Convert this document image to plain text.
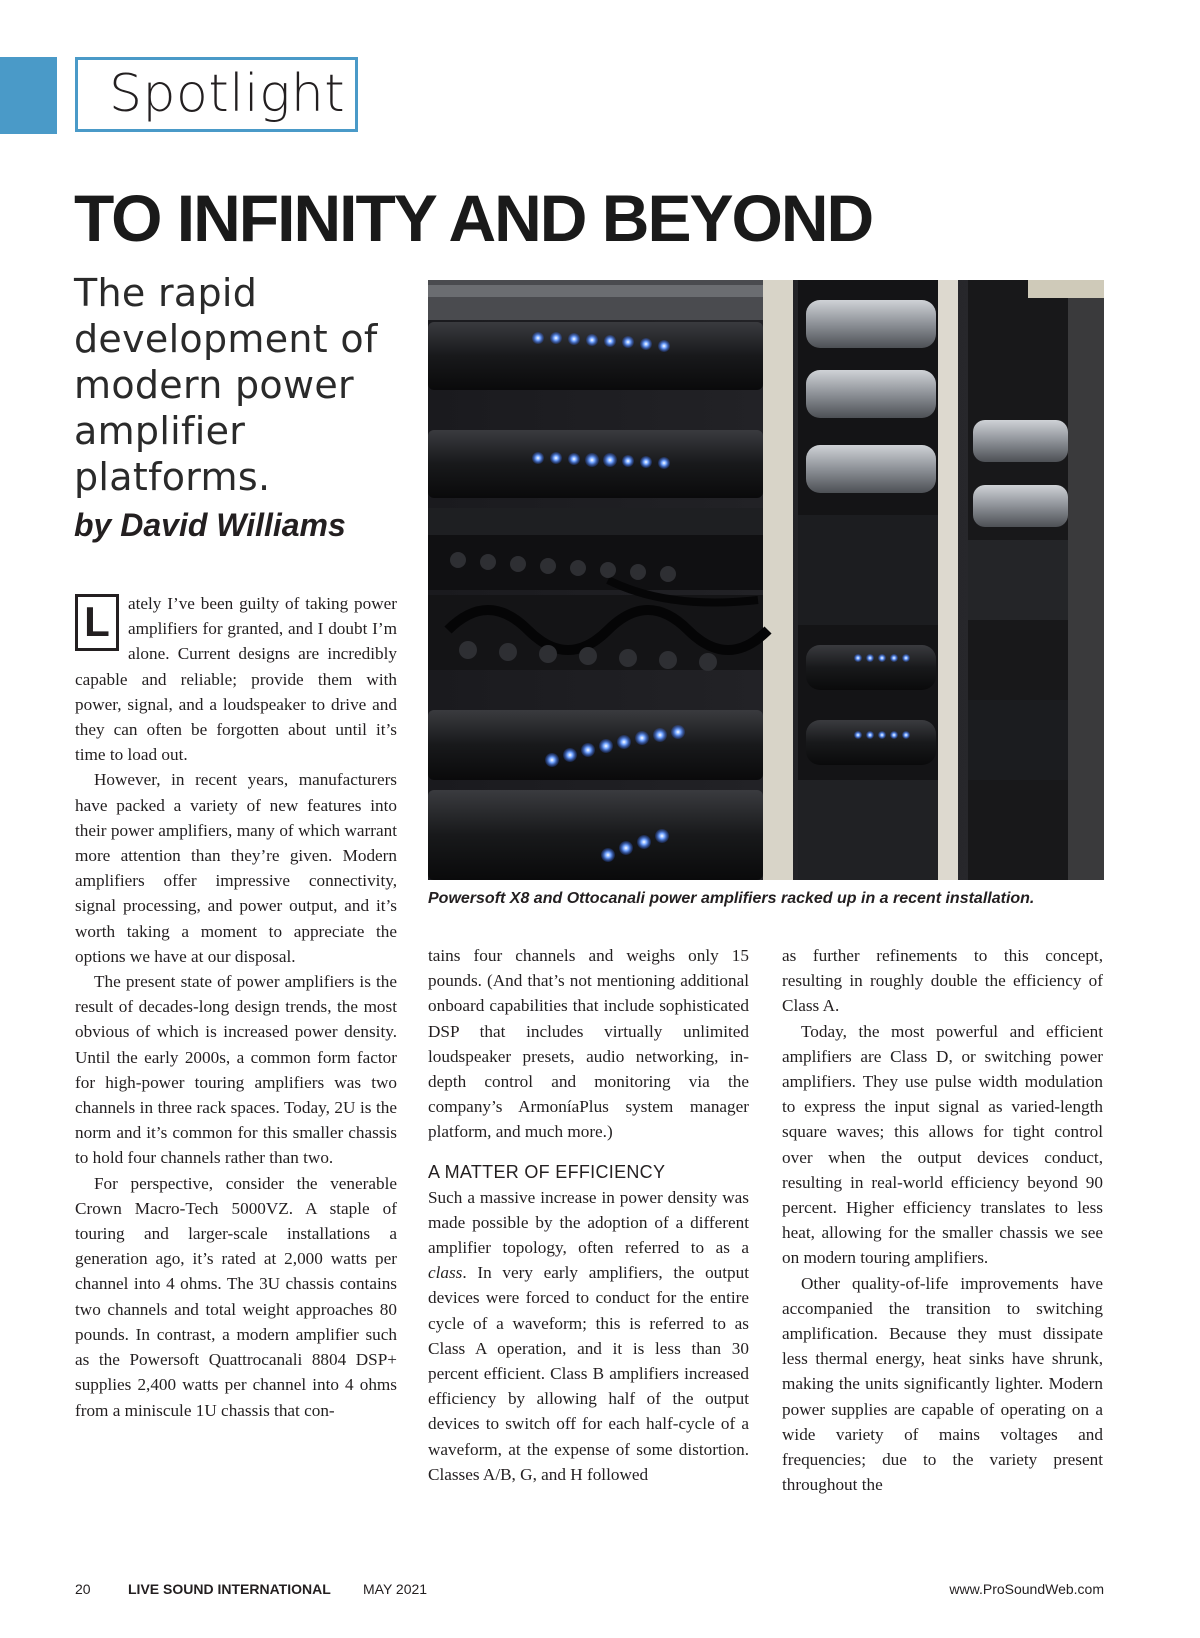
Spotlight
TO INFINITY AND BEYOND
The rapid development of modern power amplifier platforms.
by David Williams

Powersoft X8 and Ottocanali power amplifiers racked up in a recent installation.

L	ately I’ve been guilty of taking power amplifiers for granted, and I doubt I’m alone. Current designs are incredibly capable and reliable; provide them with power, signal, and a loudspeaker to drive and they can often be forgotten about until it’s time to load out.

However, in recent years, manufacturers have packed a variety of new features into their power amplifiers, many of which warrant more attention than they’re given. Modern amplifiers offer impressive connectivity, signal processing, and power output, and it’s worth taking a moment to appreciate the options we have at our disposal.

The present state of power amplifiers is the result of decades-long design trends, the most obvious of which is increased power density. Until the early 2000s, a common form factor for high-power touring amplifiers was two channels in three rack spaces. Today, 2U is the norm and it’s common for this smaller chassis to hold four channels rather than two.

For perspective, consider the venerable Crown Macro-Tech 5000VZ. A staple of touring and larger-scale installations a generation ago, it’s rated at 2,000 watts per channel into 4 ohms. The 3U chassis contains two channels and total weight approaches 80 pounds. In contrast, a modern amplifier such as the Powersoft Quattrocanali 8804 DSP+ supplies 2,400 watts per channel into 4 ohms from a miniscule 1U chassis that con-

tains four channels and weighs only 15 pounds. (And that’s not mentioning additional onboard capabilities that include sophisticated DSP that includes virtually unlimited loudspeaker presets, audio networking, in-depth control and monitoring via the company’s ArmoníaPlus system manager platform, and much more.)

A MATTER OF EFFICIENCY

Such a massive increase in power density was made possible by the adoption of a different amplifier topology, often referred to as a class. In very early amplifiers, the output devices were forced to conduct for the entire cycle of a waveform; this is referred to as Class A operation, and it is less than 30 percent efficient. Class B amplifiers increased efficiency by allowing half of the output devices to switch off for each half-cycle of a waveform, at the expense of some distortion. Classes A/B, G, and H followed

as further refinements to this concept, resulting in roughly double the efficiency of Class A.

Today, the most powerful and efficient amplifiers are Class D, or switching power amplifiers. They use pulse width modulation to express the input signal as varied-length square waves; this allows for tight control over when the output devices conduct, resulting in real-world efficiency beyond 90 percent. Higher efficiency translates to less heat, allowing for the smaller chassis we see on modern touring amplifiers.

Other quality-of-life improvements have accompanied the transition to switching amplification. Because they must dissipate less thermal energy, heat sinks have shrunk, making the units significantly lighter. Modern power supplies are capable of operating on a wide variety of mains voltages and frequencies; due to the variety present throughout the

20	LIVE SOUND INTERNATIONAL MAY 2021	www.ProSoundWeb.com
